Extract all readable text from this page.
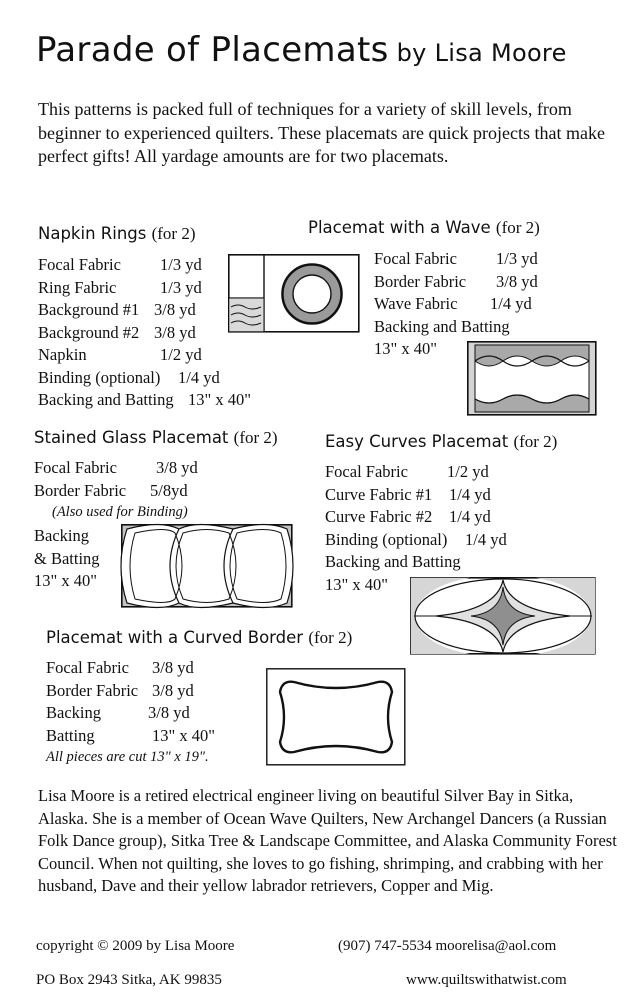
Parade of Placemats by Lisa Moore
This patterns is packed full of techniques for a variety of skill levels, from beginner to experienced quilters. These placemats are quick projects that make perfect gifts! All yardage amounts are for two placemats.
Napkin Rings (for 2)
Focal Fabric 1/3 yd
Ring Fabric	1/3 yd
Background #1 3/8 yd
Background #2 3/8 yd
Napkin	1/2 yd
Binding (optional) 1/4 yd
Backing and Batting 13" x 40"
Placemat with a Wave (for 2)
Focal Fabric 1/3 yd
Border Fabric 3/8 yd
Wave Fabric 1/4 yd
Backing and Batting
13" x 40"
Stained Glass Placemat (for 2)
Focal Fabric 3/8 yd
Border Fabric 5/8yd
(Also used for Binding)
Backing
& Batting
13" x 40"
Easy Curves Placemat (for 2)
Focal Fabric 1/2 yd
Curve Fabric #1 1/4 yd
Curve Fabric #2 1/4 yd
Binding (optional) 1/4 yd
Backing and Batting
13" x 40"
Placemat with a Curved Border (for 2)
Focal Fabric 3/8 yd
Border Fabric 3/8 yd
Backing	3/8 yd
Batting	13" x 40"
All pieces are cut 13" x 19".
Lisa Moore is a retired electrical engineer living on beautiful Silver Bay in Sitka, Alaska. She is a member of Ocean Wave Quilters, New Archangel Dancers (a Russian Folk Dance group), Sitka Tree & Landscape Committee, and Alaska Community Forest Council. When not quilting, she loves to go fishing, shrimping, and crabbing with her husband, Dave and their yellow labrador retrievers, Copper and Mig.
copyright © 2009 by Lisa Moore	(907) 747-5534 moorelisa@aol.com
PO Box 2943 Sitka, AK 99835	www.quiltswithatwist.com
